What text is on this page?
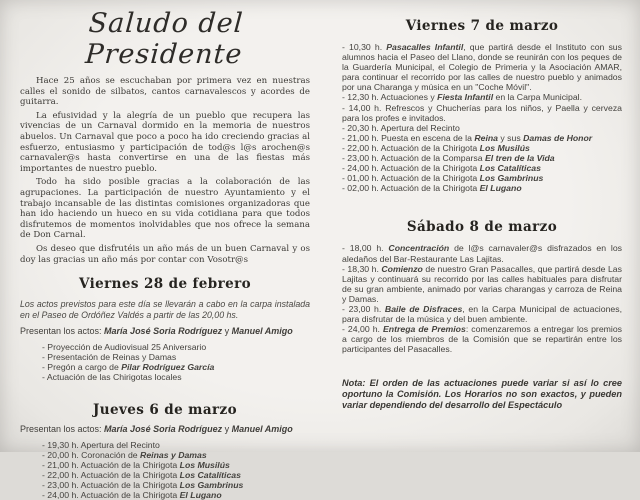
Saludo del Presidente

Hace 25 años se escuchaban por primera vez en nuestras calles el sonido de silbatos, cantos carnavalescos y acordes de guitarra.

La efusividad y la alegría de un pueblo que recupera las vivencias de un Carnaval dormido en la memoria de nuestros abuelos. Un Carnaval que poco a poco ha ido creciendo gracias al esfuerzo, entusiasmo y participación de tod@s l@s arochen@s carnavaler@s hasta convertirse en una de las fiestas más importantes de nuestro pueblo.

Todo ha sido posible gracias a la colaboración de las agrupaciones. La participación de nuestro Ayuntamiento y el trabajo incansable de las distintas comisiones organizadoras que han ido haciendo un hueco en su vida cotidiana para que todos disfrutemos de momentos inolvidables que nos ofrece la semana de Don Carnal.

Os deseo que disfrutéis un año más de un buen Carnaval y os doy las gracias un año más por contar con Vosotr@s

Viernes 28 de febrero
Los actos previstos para este día se llevarán a cabo en la carpa instalada en el Paseo de Ordóñez Valdés a partir de las 20,00 hs.
Presentan los actos: María José Soria Rodríguez y Manuel Amigo
- Proyección de Audiovisual 25 Aniversario
- Presentación de Reinas y Damas
- Pregón a cargo de Pilar Rodríguez García
- Actuación de las Chirigotas locales
Jueves 6 de marzo
Presentan los actos: María José Soria Rodríguez y Manuel Amigo
- 19,30 h. Apertura del Recinto
- 20,00 h. Coronación de Reinas y Damas
- 21,00 h. Actuación de la Chirigota Los Musilús
- 22,00 h. Actuación de la Chirigota Los Catalíticas
- 23,00 h. Actuación de la Chirigota Los Gambrinus
- 24,00 h. Actuación de la Chirigota El Lugano
Viernes 7 de marzo
- 10,30 h. Pasacalles Infantil, que partirá desde el Instituto con sus alumnos hacia el Paseo del Llano, donde se reunirán con los peques de la Guardería Municipal, el Colegio de Primeria y la Asociación AMAR, para continuar el recorrido por las calles de nuestro pueblo y animados por una Charanga y música en un "Coche Móvil".
- 12,30 h. Actuaciones y Fiesta Infantil en la Carpa Municipal.
- 14,00 h. Refrescos y Chucherías para los niños, y Paella y cerveza para los profes e invitados.
- 20,30 h. Apertura del Recinto
- 21,00 h. Puesta en escena de la Reina y sus Damas de Honor
- 22,00 h. Actuación de la Chirigota Los Musilús
- 23,00 h. Actuación de la Comparsa El tren de la Vida
- 24,00 h. Actuación de la Chirigota Los Catalíticas
- 01,00 h. Actuación de la Chirigota Los Gambrinus
- 02,00 h. Actuación de la Chirigota El Lugano
Sábado 8 de marzo
- 18,00 h. Concentración de l@s carnavaler@s disfrazados en los aledaños del Bar-Restaurante Las Lajitas.
- 18,30 h. Comienzo de nuestro Gran Pasacalles, que partirá desde Las Lajitas y continuará su recorrido por las calles habituales para disfrutar de su gran ambiente, animado por varias charangas y carroza de Reina y Damas.
- 23,00 h. Baile de Disfraces, en la Carpa Municipal de actuaciones, para disfrutar de la música y del buen ambiente.
- 24,00 h. Entrega de Premios: comenzaremos a entregar los premios a cargo de los miembros de la Comisión que se repartirán entre los participantes del Pasacalles.
Nota: El orden de las actuaciones puede variar si así lo cree oportuno la Comisión. Los Horarios no son exactos, y pueden variar dependiendo del desarrollo del Espectáculo
